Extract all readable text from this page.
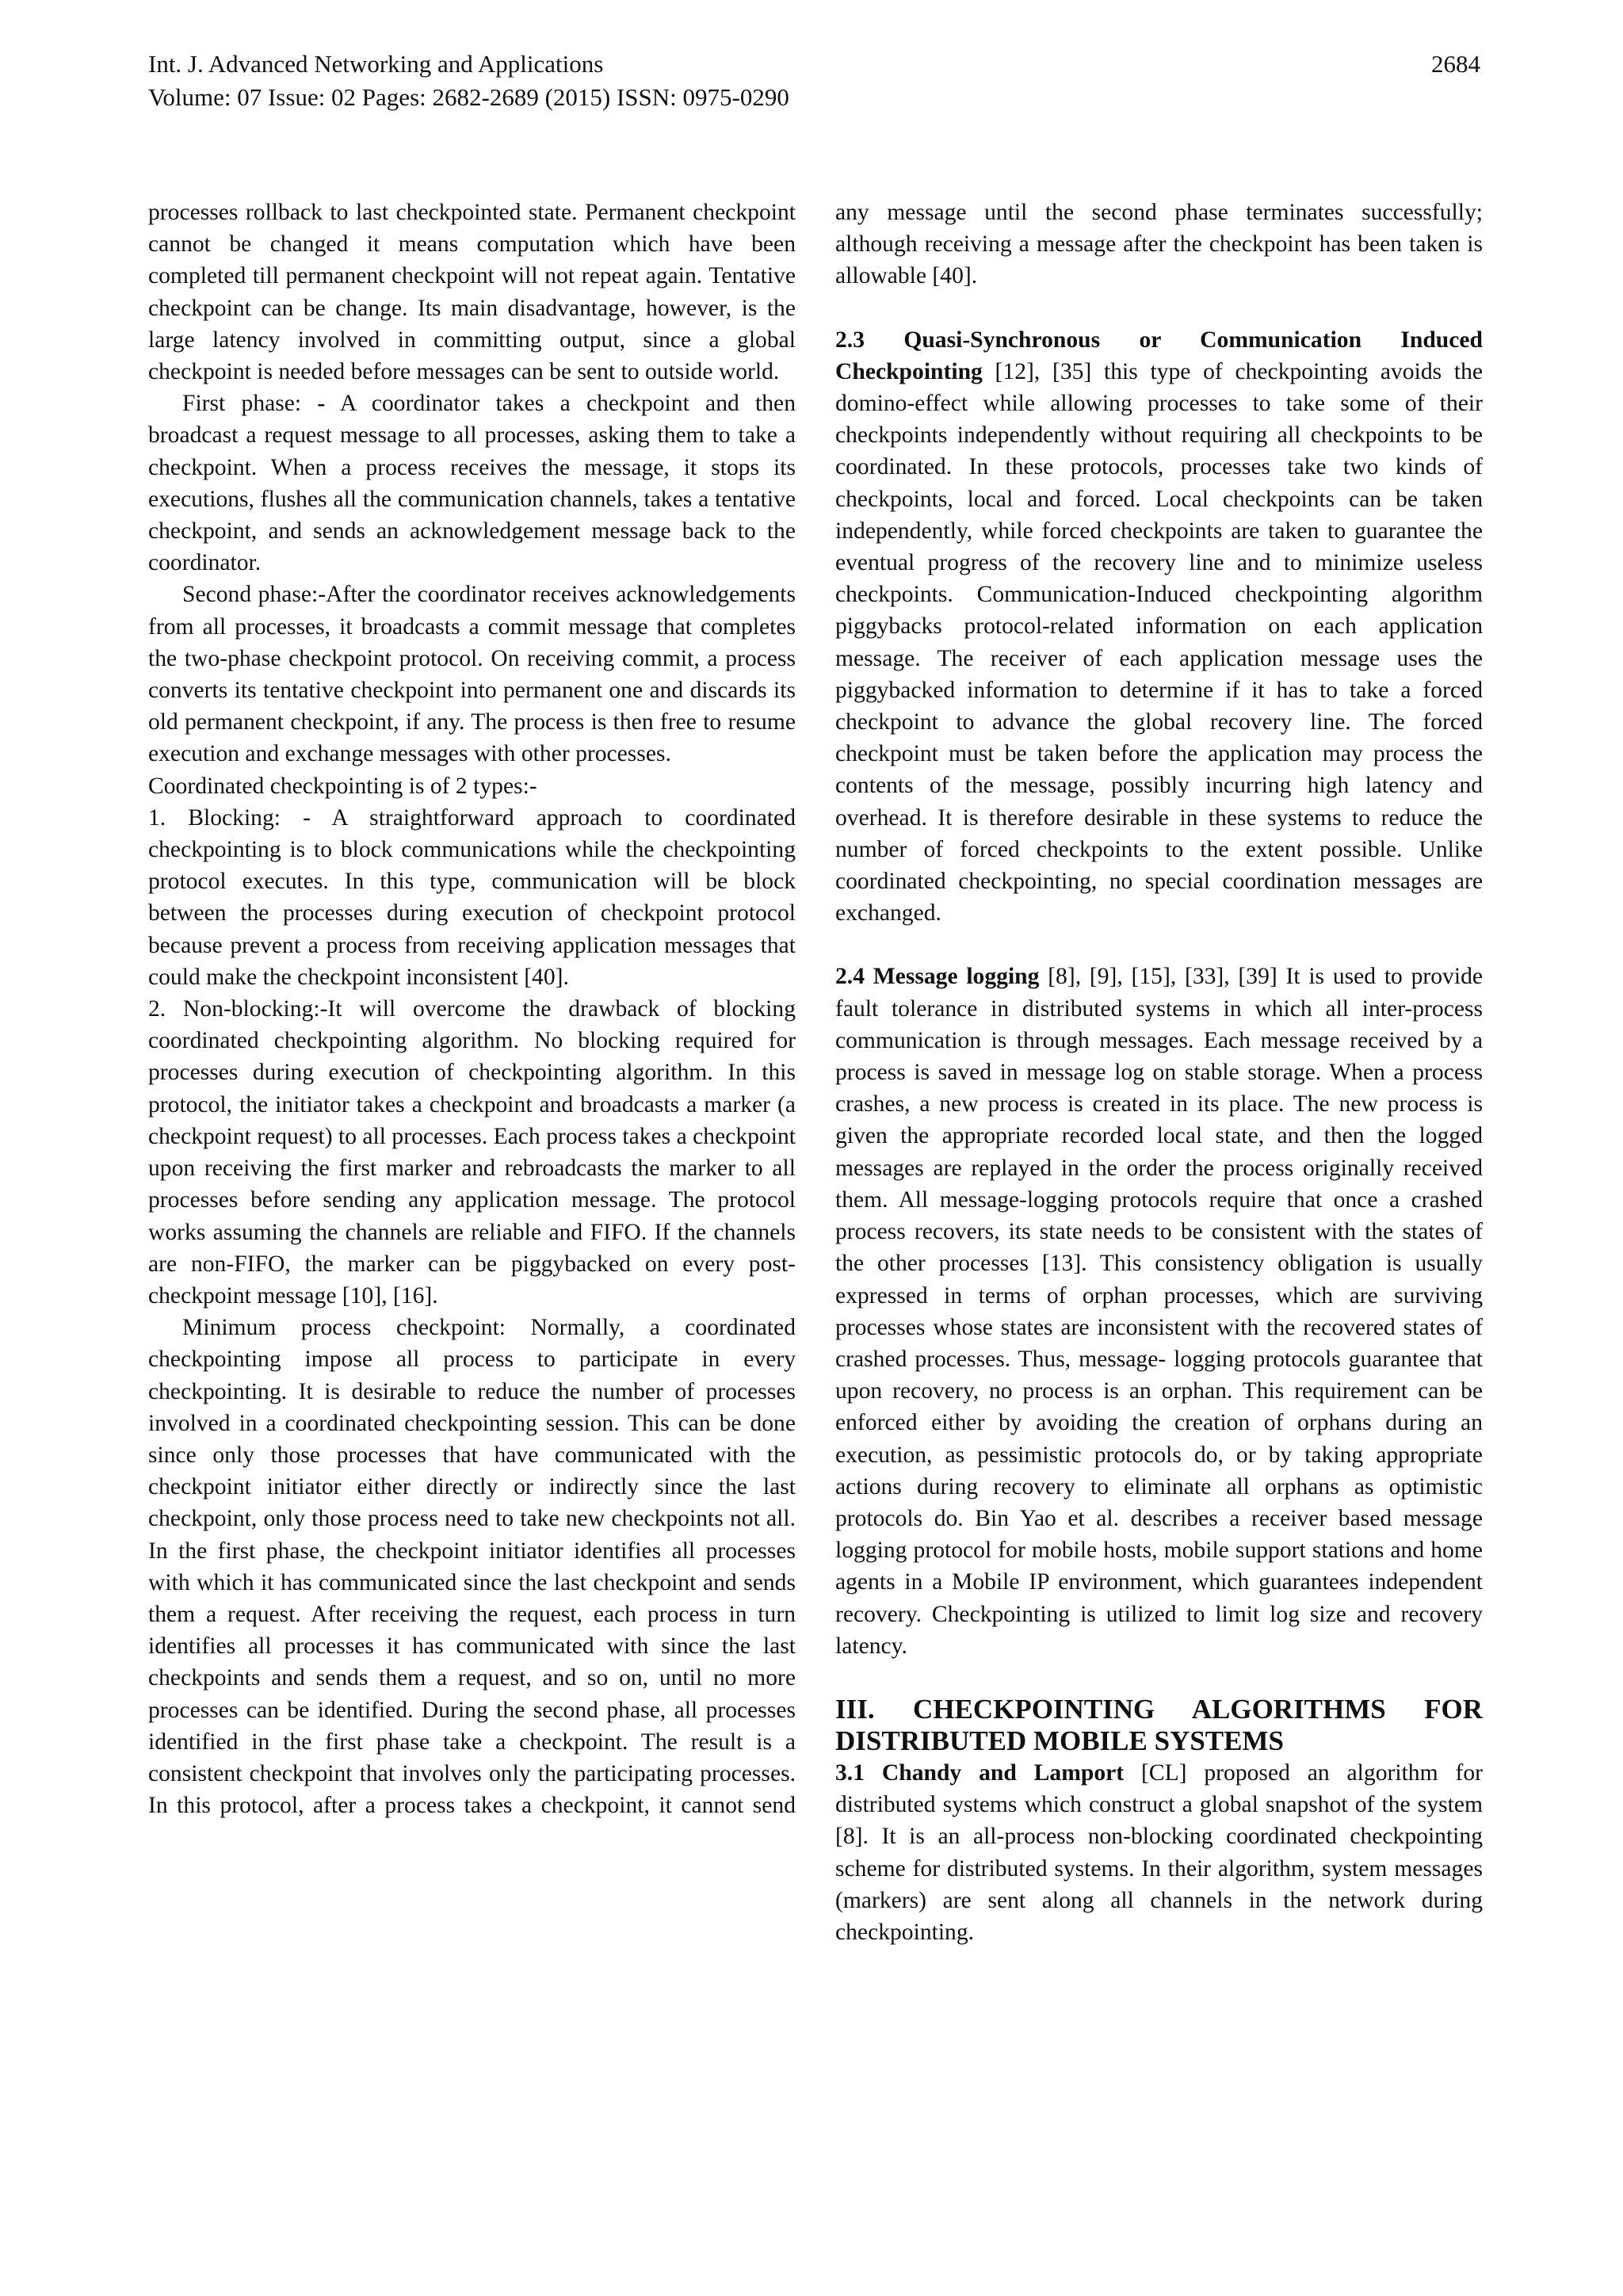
Int. J. Advanced Networking and Applications	2684
Volume: 07 Issue: 02 Pages: 2682-2689 (2015) ISSN: 0975-0290

processes rollback to last checkpointed state. Permanent checkpoint cannot be changed it means computation which have been completed till permanent checkpoint will not repeat again. Tentative checkpoint can be change. Its main disadvantage, however, is the large latency involved in committing output, since a global checkpoint is needed before messages can be sent to outside world.

First phase: - A coordinator takes a checkpoint and then broadcast a request message to all processes, asking them to take a checkpoint. When a process receives the message, it stops its executions, flushes all the communication channels, takes a tentative checkpoint, and sends an acknowledgement message back to the coordinator.

Second phase:-After the coordinator receives acknowledgements from all processes, it broadcasts a commit message that completes the two-phase checkpoint protocol. On receiving commit, a process converts its tentative checkpoint into permanent one and discards its old permanent checkpoint, if any. The process is then free to resume execution and exchange messages with other processes.

Coordinated checkpointing is of 2 types:-

1. Blocking: - A straightforward approach to coordinated checkpointing is to block communications while the checkpointing protocol executes. In this type, communication will be block between the processes during execution of checkpoint protocol because prevent a process from receiving application messages that could make the checkpoint inconsistent [40].

2. Non-blocking:-It will overcome the drawback of blocking coordinated checkpointing algorithm. No blocking required for processes during execution of checkpointing algorithm. In this protocol, the initiator takes a checkpoint and broadcasts a marker (a checkpoint request) to all processes. Each process takes a checkpoint upon receiving the first marker and rebroadcasts the marker to all processes before sending any application message. The protocol works assuming the channels are reliable and FIFO. If the channels are non-FIFO, the marker can be piggybacked on every post-checkpoint message [10], [16].

Minimum process checkpoint: Normally, a coordinated checkpointing impose all process to participate in every checkpointing. It is desirable to reduce the number of processes involved in a coordinated checkpointing session. This can be done since only those processes that have communicated with the checkpoint initiator either directly or indirectly since the last checkpoint, only those process need to take new checkpoints not all. In the first phase, the checkpoint initiator identifies all processes with which it has communicated since the last checkpoint and sends them a request. After receiving the request, each process in turn identifies all processes it has communicated with since the last checkpoints and sends them a request, and so on, until no more processes can be identified. During the second phase, all processes identified in the first phase take a checkpoint. The result is a consistent checkpoint that involves only the participating processes. In this protocol, after a process takes a checkpoint, it cannot send

any message until the second phase terminates successfully; although receiving a message after the checkpoint has been taken is allowable [40].

2.3 Quasi-Synchronous or Communication Induced Checkpointing [12], [35] this type of checkpointing avoids the domino-effect while allowing processes to take some of their checkpoints independently without requiring all checkpoints to be coordinated. In these protocols, processes take two kinds of checkpoints, local and forced. Local checkpoints can be taken independently, while forced checkpoints are taken to guarantee the eventual progress of the recovery line and to minimize useless checkpoints. Communication-Induced checkpointing algorithm piggybacks protocol-related information on each application message. The receiver of each application message uses the piggybacked information to determine if it has to take a forced checkpoint to advance the global recovery line. The forced checkpoint must be taken before the application may process the contents of the message, possibly incurring high latency and overhead. It is therefore desirable in these systems to reduce the number of forced checkpoints to the extent possible. Unlike coordinated checkpointing, no special coordination messages are exchanged.

2.4 Message logging [8], [9], [15], [33], [39] It is used to provide fault tolerance in distributed systems in which all inter-process communication is through messages. Each message received by a process is saved in message log on stable storage. When a process crashes, a new process is created in its place. The new process is given the appropriate recorded local state, and then the logged messages are replayed in the order the process originally received them. All message-logging protocols require that once a crashed process recovers, its state needs to be consistent with the states of the other processes [13]. This consistency obligation is usually expressed in terms of orphan processes, which are surviving processes whose states are inconsistent with the recovered states of crashed processes. Thus, message- logging protocols guarantee that upon recovery, no process is an orphan. This requirement can be enforced either by avoiding the creation of orphans during an execution, as pessimistic protocols do, or by taking appropriate actions during recovery to eliminate all orphans as optimistic protocols do. Bin Yao et al. describes a receiver based message logging protocol for mobile hosts, mobile support stations and home agents in a Mobile IP environment, which guarantees independent recovery. Checkpointing is utilized to limit log size and recovery latency.

III. CHECKPOINTING ALGORITHMS FOR DISTRIBUTED MOBILE SYSTEMS

3.1 Chandy and Lamport [CL] proposed an algorithm for distributed systems which construct a global snapshot of the system [8]. It is an all-process non-blocking coordinated checkpointing scheme for distributed systems. In their algorithm, system messages (markers) are sent along all channels in the network during checkpointing.
